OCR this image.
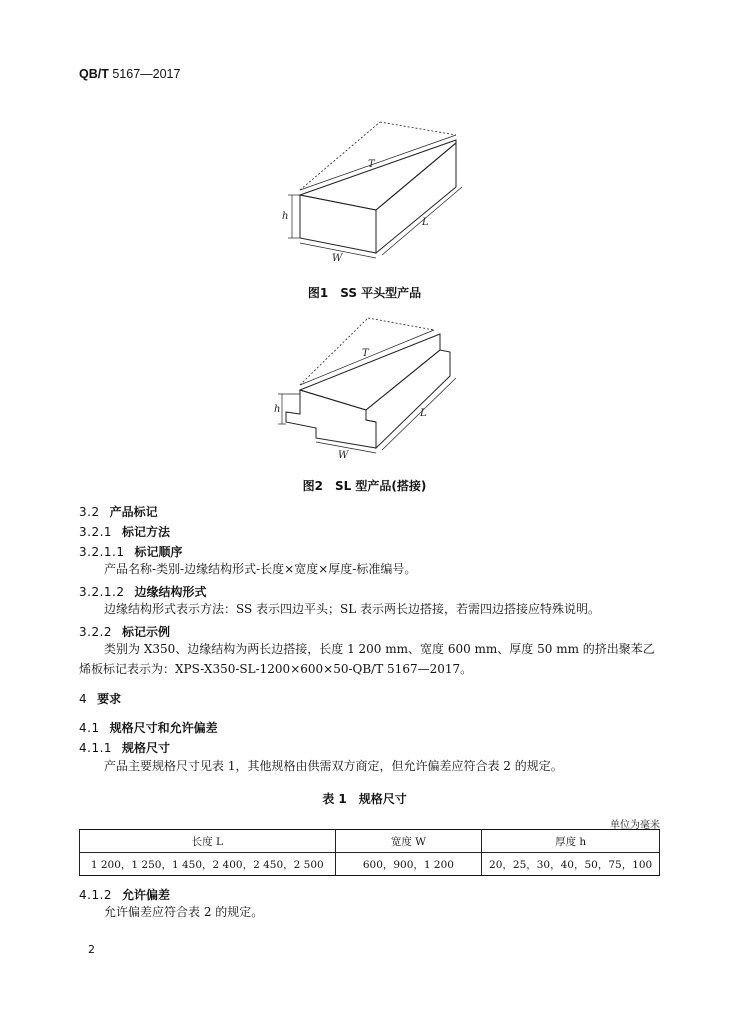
QB/T 5167—2017
T
L
h
W
图1　SS 平头型产品
T
L
h
W
图2　SL 型产品(搭接)
3.2 产品标记
3.2.1 标记方法
3.2.1.1 标记顺序
产品名称-类别-边缘结构形式-长度×宽度×厚度-标准编号。
3.2.1.2 边缘结构形式
边缘结构形式表示方法：SS 表示四边平头；SL 表示两长边搭接，若需四边搭接应特殊说明。
3.2.2 标记示例
类别为 X350、边缘结构为两长边搭接，长度 1 200 mm、宽度 600 mm、厚度 50 mm 的挤出聚苯乙
烯板标记表示为：XPS-X350-SL-1200×600×50-QB/T 5167—2017。
4 要求
4.1 规格尺寸和允许偏差
4.1.1 规格尺寸
产品主要规格尺寸见表 1，其他规格由供需双方商定，但允许偏差应符合表 2 的规定。
表 1　规格尺寸
单位为毫米
长度 L	宽度 W	厚度 h
1 200，1 250，1 450，2 400，2 450，2 500	600，900，1 200	20，25，30，40，50，75，100
4.1.2 允许偏差
允许偏差应符合表 2 的规定。
2
